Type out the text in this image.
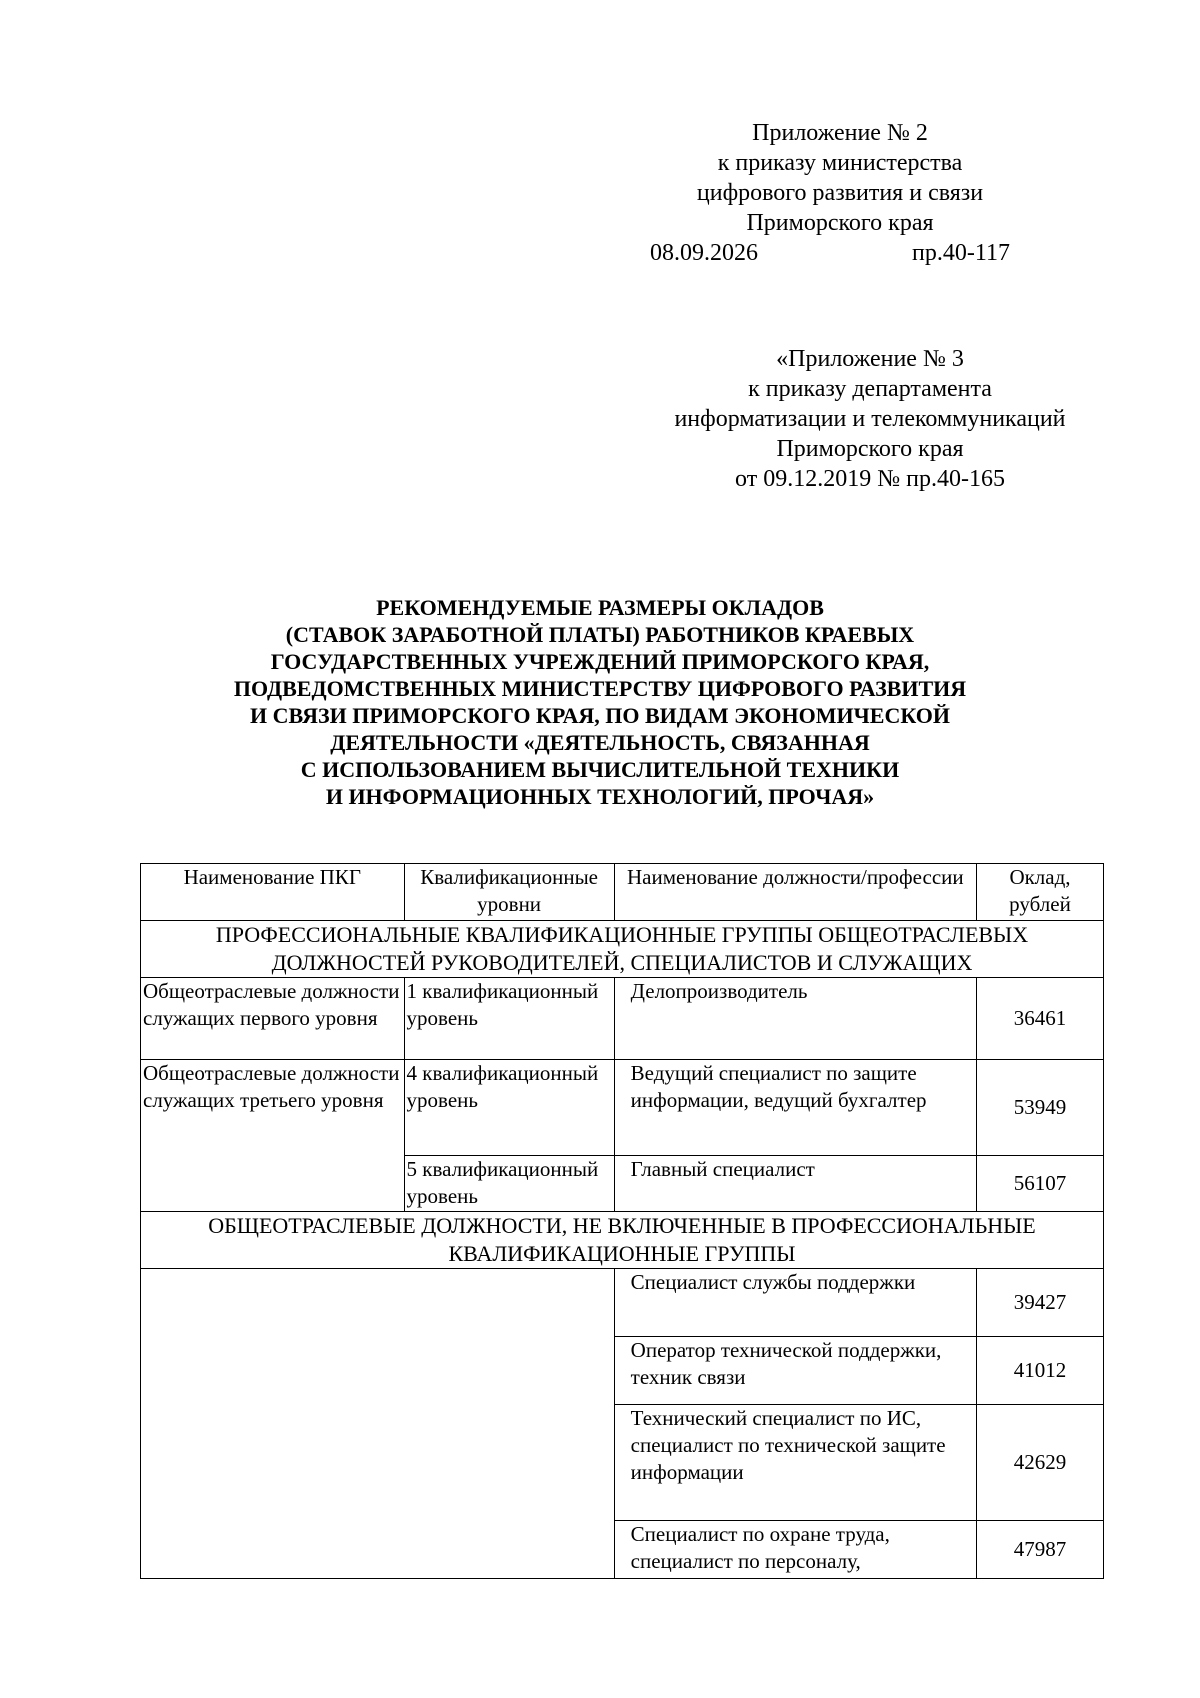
Приложение № 2
к приказу министерства
цифрового развития и связи
Приморского края
08.09.2026	пр.40-117
«Приложение № 3
к приказу департамента
информатизации и телекоммуникаций
Приморского края
от 09.12.2019 № пр.40-165
РЕКОМЕНДУЕМЫЕ РАЗМЕРЫ ОКЛАДОВ
(СТАВОК ЗАРАБОТНОЙ ПЛАТЫ) РАБОТНИКОВ КРАЕВЫХ
ГОСУДАРСТВЕННЫХ УЧРЕЖДЕНИЙ ПРИМОРСКОГО КРАЯ,
ПОДВЕДОМСТВЕННЫХ МИНИСТЕРСТВУ ЦИФРОВОГО РАЗВИТИЯ
И СВЯЗИ ПРИМОРСКОГО КРАЯ, ПО ВИДАМ ЭКОНОМИЧЕСКОЙ
ДЕЯТЕЛЬНОСТИ «ДЕЯТЕЛЬНОСТЬ, СВЯЗАННАЯ
С ИСПОЛЬЗОВАНИЕМ ВЫЧИСЛИТЕЛЬНОЙ ТЕХНИКИ
И ИНФОРМАЦИОННЫХ ТЕХНОЛОГИЙ, ПРОЧАЯ»
Наименование ПКГ	Квалификационные уровни	Наименование должности/профессии	Оклад, рублей
ПРОФЕССИОНАЛЬНЫЕ КВАЛИФИКАЦИОННЫЕ ГРУППЫ ОБЩЕОТРАСЛЕВЫХ ДОЛЖНОСТЕЙ РУКОВОДИТЕЛЕЙ, СПЕЦИАЛИСТОВ И СЛУЖАЩИХ			
Общеотраслевые должности служащих первого уровня	1 квалификационный уровень	Делопроизводитель	36461
Общеотраслевые должности служащих третьего уровня	4 квалификационный уровень	Ведущий специалист по защите информации, ведущий бухгалтер	53949
	5 квалификационный уровень	Главный специалист	56107
ОБЩЕОТРАСЛЕВЫЕ ДОЛЖНОСТИ, НЕ ВКЛЮЧЕННЫЕ В ПРОФЕССИОНАЛЬНЫЕ КВАЛИФИКАЦИОННЫЕ ГРУППЫ			
		Специалист службы поддержки	39427
		Оператор технической поддержки, техник связи	41012
		Технический специалист по ИС, специалист по технической защите информации	42629
		Специалист по охране труда, специалист по персоналу,	47987
